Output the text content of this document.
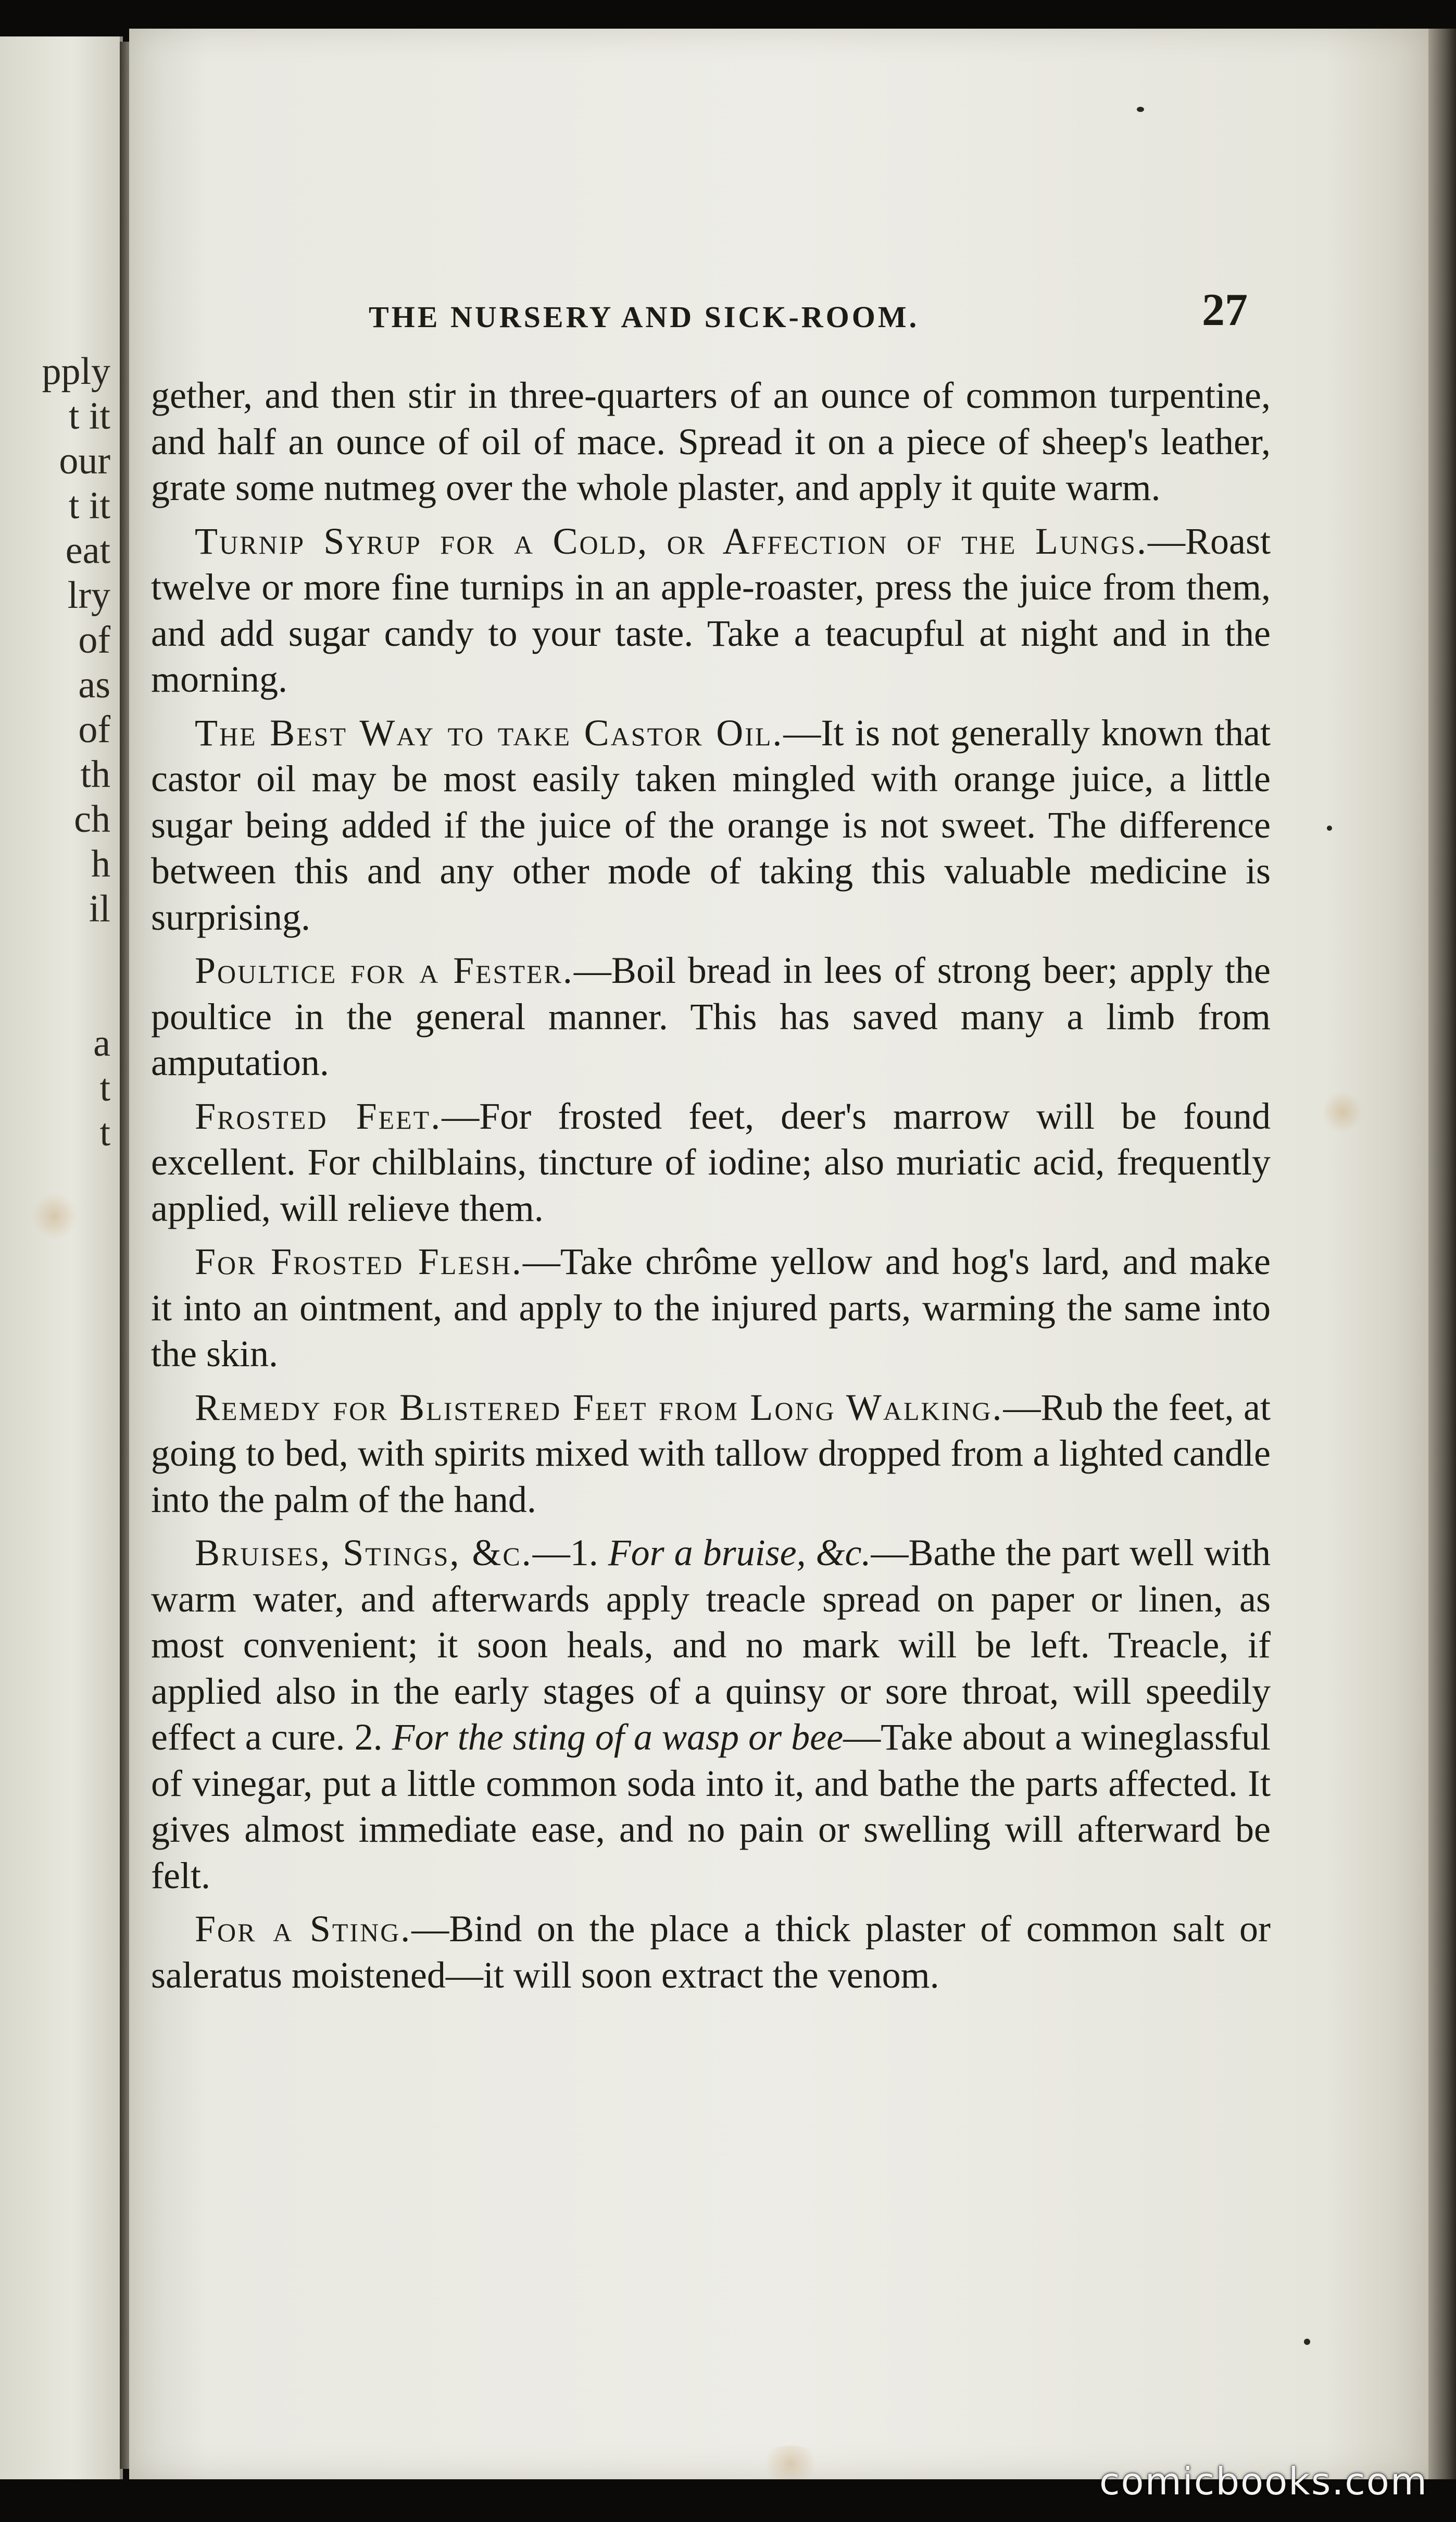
pply
t it
our
t it
eat
lry
of
as
of
th
ch
h
il
a
t
t
THE NURSERY AND SICK-ROOM.	27

gether, and then stir in three-quarters of an ounce of common turpentine, and half an ounce of oil of mace. Spread it on a piece of sheep's leather, grate some nutmeg over the whole plaster, and apply it quite warm.

Turnip Syrup for a Cold, or Affection of the Lungs.—Roast twelve or more fine turnips in an apple-roaster, press the juice from them, and add sugar candy to your taste. Take a teacupful at night and in the morning.

The Best Way to take Castor Oil.—It is not generally known that castor oil may be most easily taken mingled with orange juice, a little sugar being added if the juice of the orange is not sweet. The difference between this and any other mode of taking this valuable medicine is surprising.

Poultice for a Fester.—Boil bread in lees of strong beer; apply the poultice in the general manner. This has saved many a limb from amputation.

Frosted Feet.—For frosted feet, deer's marrow will be found excellent. For chilblains, tincture of iodine; also muriatic acid, frequently applied, will relieve them.

For Frosted Flesh.—Take chrôme yellow and hog's lard, and make it into an ointment, and apply to the injured parts, warming the same into the skin.

Remedy for Blistered Feet from Long Walking.—Rub the feet, at going to bed, with spirits mixed with tallow dropped from a lighted candle into the palm of the hand.

Bruises, Stings, &c.—1. For a bruise, &c.—Bathe the part well with warm water, and afterwards apply treacle spread on paper or linen, as most convenient; it soon heals, and no mark will be left. Treacle, if applied also in the early stages of a quinsy or sore throat, will speedily effect a cure. 2. For the sting of a wasp or bee—Take about a wineglassful of vinegar, put a little common soda into it, and bathe the parts affected. It gives almost immediate ease, and no pain or swelling will afterward be felt.

For a Sting.—Bind on the place a thick plaster of common salt or saleratus moistened—it will soon extract the venom.

comicbooks.com
